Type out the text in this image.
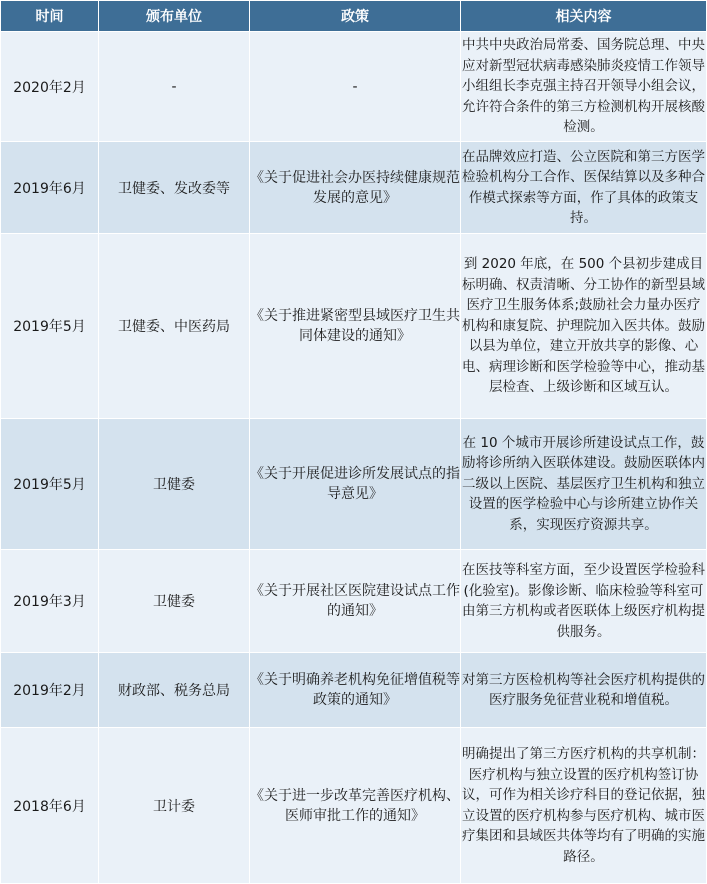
时间	颁布单位	政策	相关内容
2020年2月	-	-	中共中央政治局常委、国务院总理、中央应对新型冠状病毒感染肺炎疫情工作领导小组组长李克强主持召开领导小组会议，允许符合条件的第三方检测机构开展核酸检测。
2019年6月	卫健委、发改委等	《关于促进社会办医持续健康规范发展的意见》	在品牌效应打造、公立医院和第三方医学检验机构分工合作、医保结算以及多种合作模式探索等方面，作了具体的政策支持。
2019年5月	卫健委、中医药局	《关于推进紧密型县域医疗卫生共同体建设的通知》	到 2020 年底，在 500 个县初步建成目标明确、权责清晰、分工协作的新型县域医疗卫生服务体系;鼓励社会力量办医疗机构和康复院、护理院加入医共体。鼓励以县为单位，建立开放共享的影像、心电、病理诊断和医学检验等中心，推动基层检查、上级诊断和区域互认。
2019年5月	卫健委	《关于开展促进诊所发展试点的指导意见》	在 10 个城市开展诊所建设试点工作，鼓励将诊所纳入医联体建设。鼓励医联体内二级以上医院、基层医疗卫生机构和独立设置的医学检验中心与诊所建立协作关系，实现医疗资源共享。
2019年3月	卫健委	《关于开展社区医院建设试点工作的通知》	在医技等科室方面，至少设置医学检验科(化验室)。影像诊断、临床检验等科室可由第三方机构或者医联体上级医疗机构提供服务。
2019年2月	财政部、税务总局	《关于明确养老机构免征增值税等政策的通知》	对第三方医检机构等社会医疗机构提供的医疗服务免征营业税和增值税。
2018年6月	卫计委	《关于进一步改革完善医疗机构、医师审批工作的通知》	明确提出了第三方医疗机构的共享机制：医疗机构与独立设置的医疗机构签订协议，可作为相关诊疗科目的登记依据，独立设置的医疗机构参与医疗机构、城市医疗集团和县域医共体等均有了明确的实施路径。
